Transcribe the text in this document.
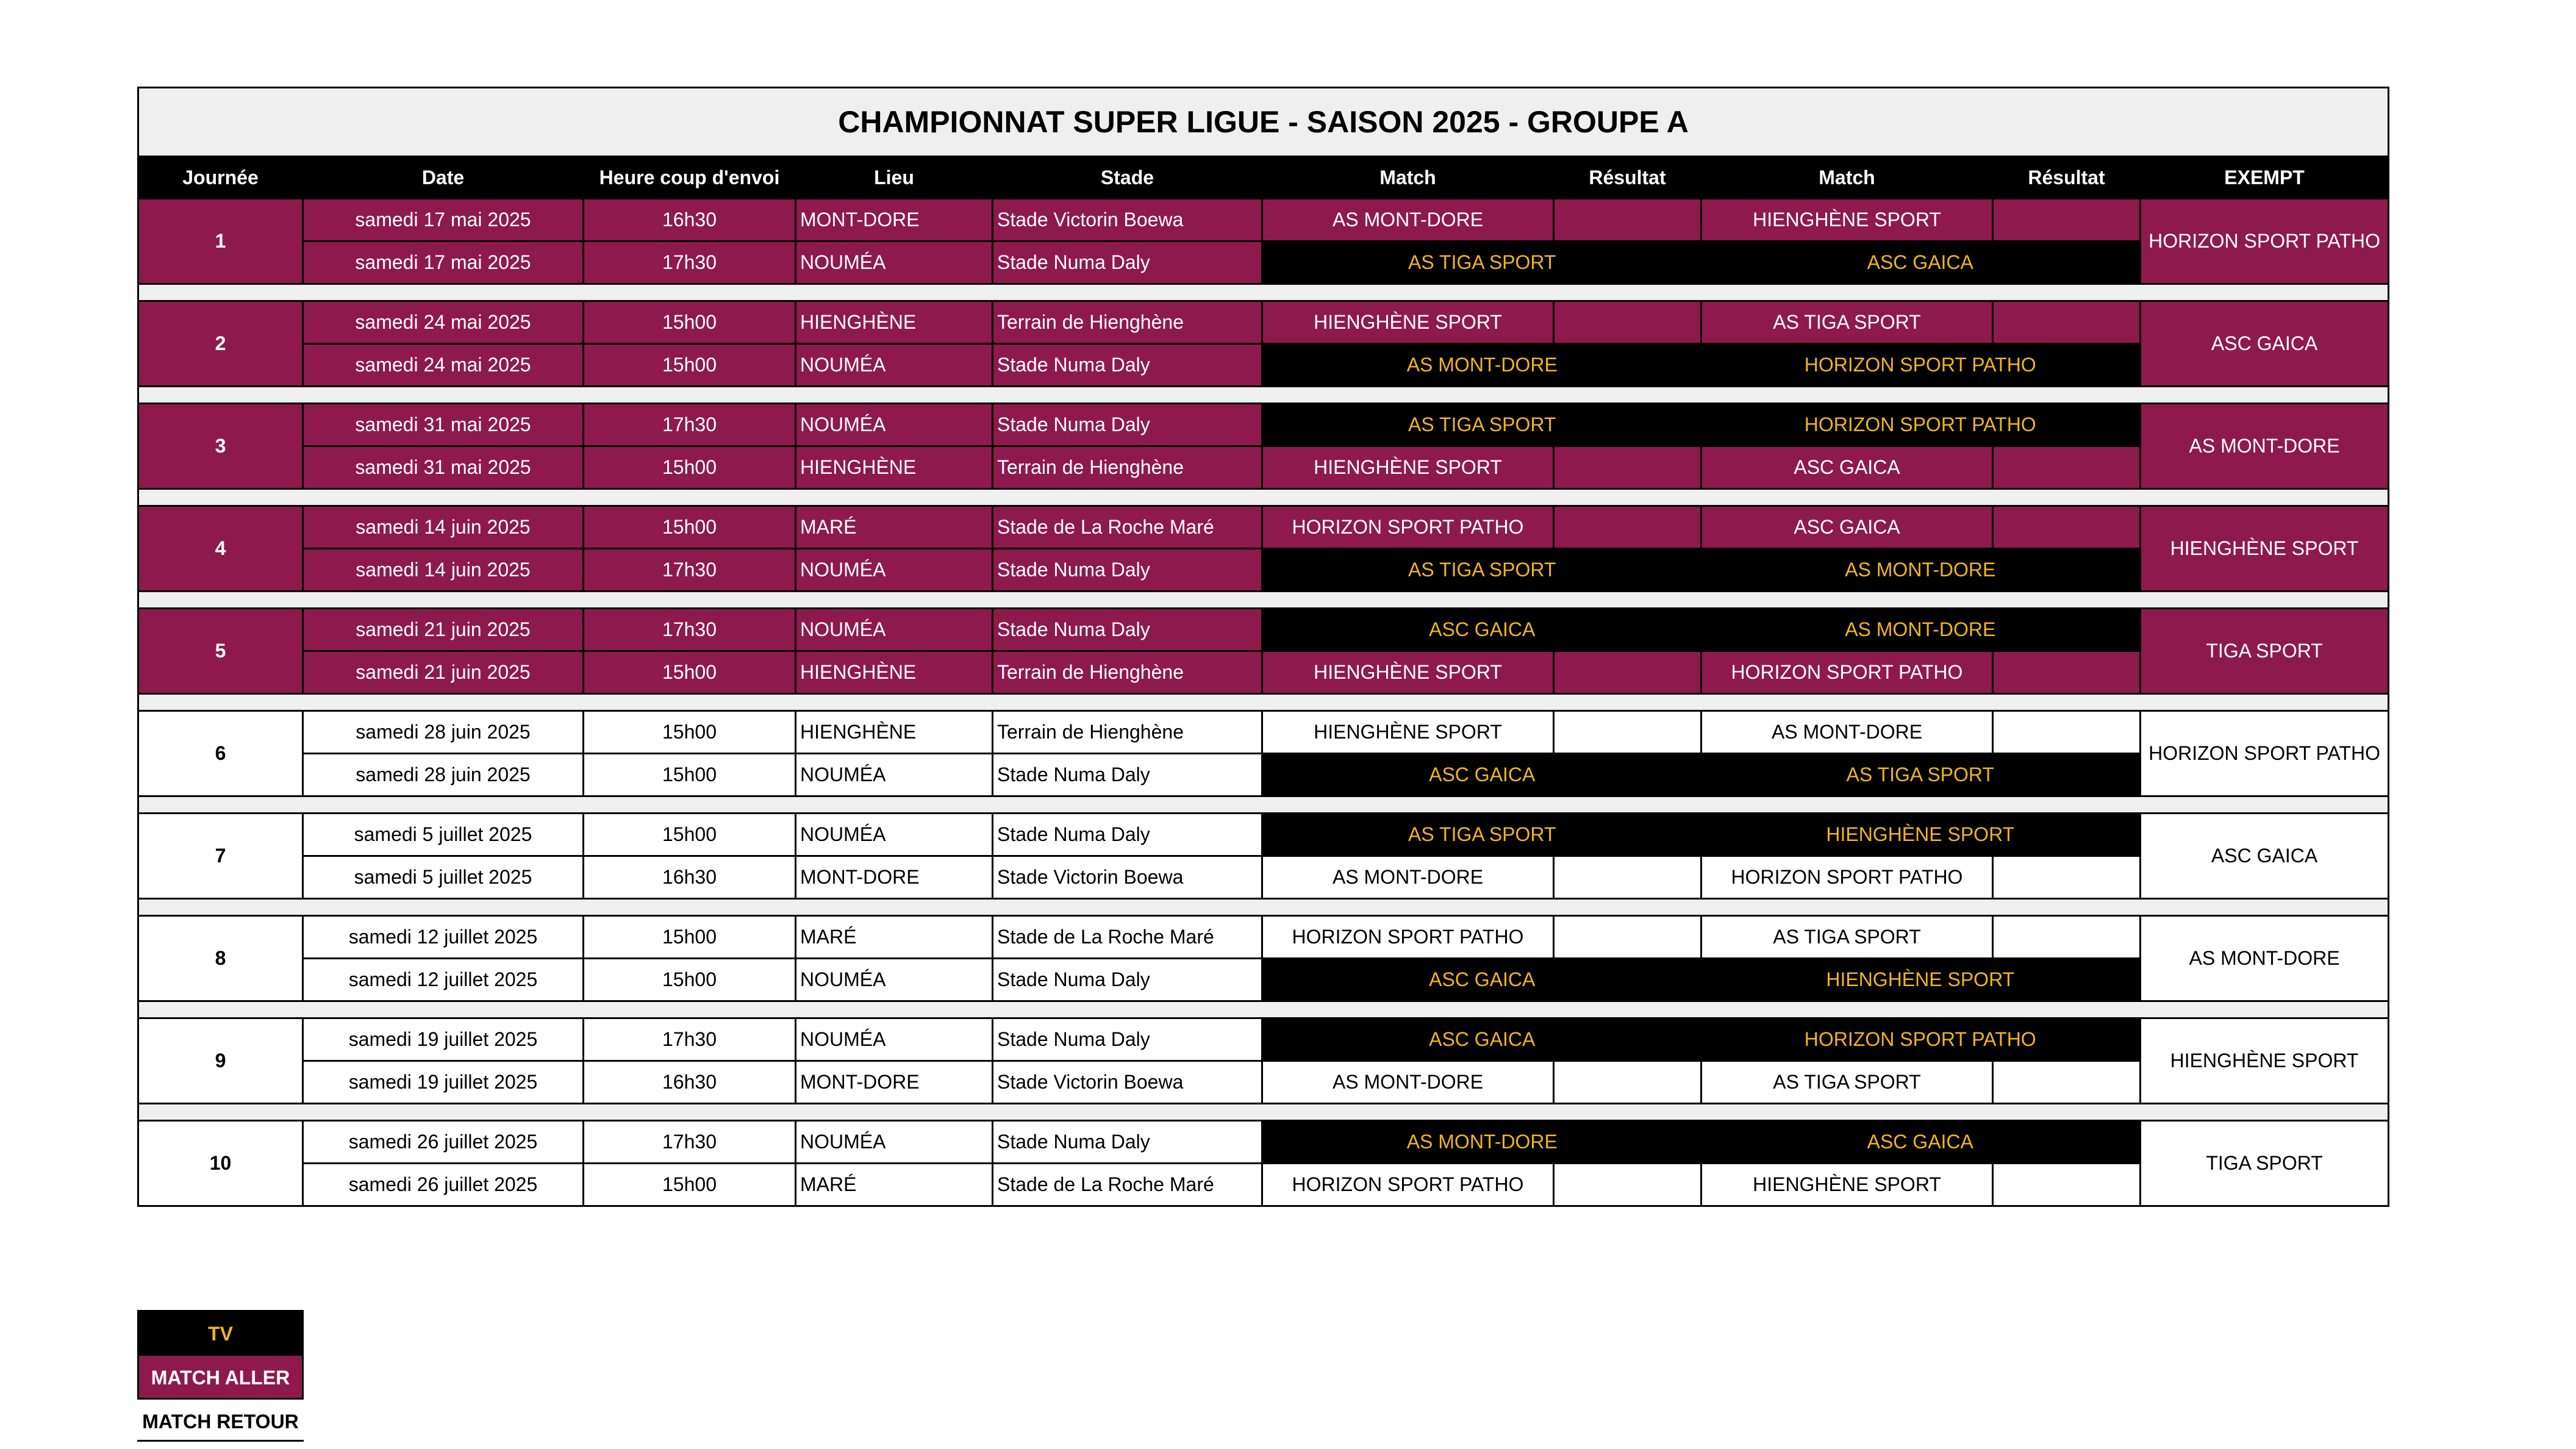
CHAMPIONNAT SUPER LIGUE - SAISON 2025 - GROUPE A									
Journée	Date	Heure coup d'envoi	Lieu	Stade	Match	Résultat	Match	Résultat	EXEMPT
1	samedi 17 mai 2025	16h30	MONT-DORE	Stade Victorin Boewa	AS MONT-DORE		HIENGHÈNE SPORT		HORIZON SPORT PATHO
	samedi 17 mai 2025	17h30	NOUMÉA	Stade Numa Daly	AS TIGA SPORT		ASC GAICA		

2	samedi 24 mai 2025	15h00	HIENGHÈNE	Terrain de Hienghène	HIENGHÈNE SPORT		AS TIGA SPORT		ASC GAICA
	samedi 24 mai 2025	15h00	NOUMÉA	Stade Numa Daly	AS MONT-DORE		HORIZON SPORT PATHO		

3	samedi 31 mai 2025	17h30	NOUMÉA	Stade Numa Daly	AS TIGA SPORT		HORIZON SPORT PATHO		AS MONT-DORE
	samedi 31 mai 2025	15h00	HIENGHÈNE	Terrain de Hienghène	HIENGHÈNE SPORT		ASC GAICA		

4	samedi 14 juin 2025	15h00	MARÉ	Stade de La Roche Maré	HORIZON SPORT PATHO		ASC GAICA		HIENGHÈNE SPORT
	samedi 14 juin 2025	17h30	NOUMÉA	Stade Numa Daly	AS TIGA SPORT		AS MONT-DORE		

5	samedi 21 juin 2025	17h30	NOUMÉA	Stade Numa Daly	ASC GAICA		AS MONT-DORE		TIGA SPORT
	samedi 21 juin 2025	15h00	HIENGHÈNE	Terrain de Hienghène	HIENGHÈNE SPORT		HORIZON SPORT PATHO		

6	samedi 28 juin 2025	15h00	HIENGHÈNE	Terrain de Hienghène	HIENGHÈNE SPORT		AS MONT-DORE		HORIZON SPORT PATHO
	samedi 28 juin 2025	15h00	NOUMÉA	Stade Numa Daly	ASC GAICA		AS TIGA SPORT		

7	samedi 5 juillet 2025	15h00	NOUMÉA	Stade Numa Daly	AS TIGA SPORT		HIENGHÈNE SPORT		ASC GAICA
	samedi 5 juillet 2025	16h30	MONT-DORE	Stade Victorin Boewa	AS MONT-DORE		HORIZON SPORT PATHO		

8	samedi 12 juillet 2025	15h00	MARÉ	Stade de La Roche Maré	HORIZON SPORT PATHO		AS TIGA SPORT		AS MONT-DORE
	samedi 12 juillet 2025	15h00	NOUMÉA	Stade Numa Daly	ASC GAICA		HIENGHÈNE SPORT		

9	samedi 19 juillet 2025	17h30	NOUMÉA	Stade Numa Daly	ASC GAICA		HORIZON SPORT PATHO		HIENGHÈNE SPORT
	samedi 19 juillet 2025	16h30	MONT-DORE	Stade Victorin Boewa	AS MONT-DORE		AS TIGA SPORT		

10	samedi 26 juillet 2025	17h30	NOUMÉA	Stade Numa Daly	AS MONT-DORE		ASC GAICA		TIGA SPORT
	samedi 26 juillet 2025	15h00	MARÉ	Stade de La Roche Maré	HORIZON SPORT PATHO		HIENGHÈNE SPORT		
TV
MATCH ALLER
MATCH RETOUR
